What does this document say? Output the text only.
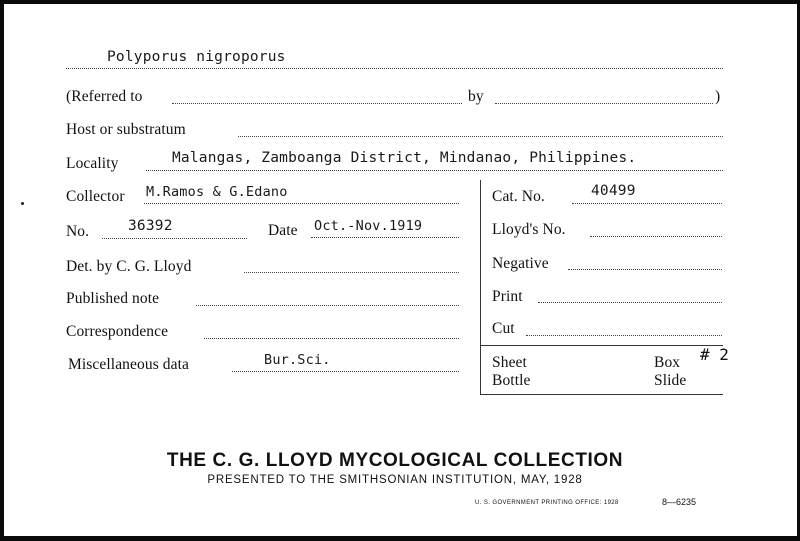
Polyporus nigroporus
(Referred to	by	)
Host or substratum
Locality	Malangas, Zamboanga District, Mindanao, Philippines.
Collector M.Ramos & G.Edano
No.	36392	Date Oct.-Nov.1919
Det. by C. G. Lloyd
Published note
Correspondence
Miscellaneous data	Bur.Sci.
Cat. No.	40499
Lloyd's No.
Negative
Print
Cut
Sheet	Box # 2
Bottle	Slide
THE C. G. LLOYD MYCOLOGICAL COLLECTION
PRESENTED TO THE SMITHSONIAN INSTITUTION, MAY, 1928
U. S. GOVERNMENT PRINTING OFFICE: 1928	8—6235
